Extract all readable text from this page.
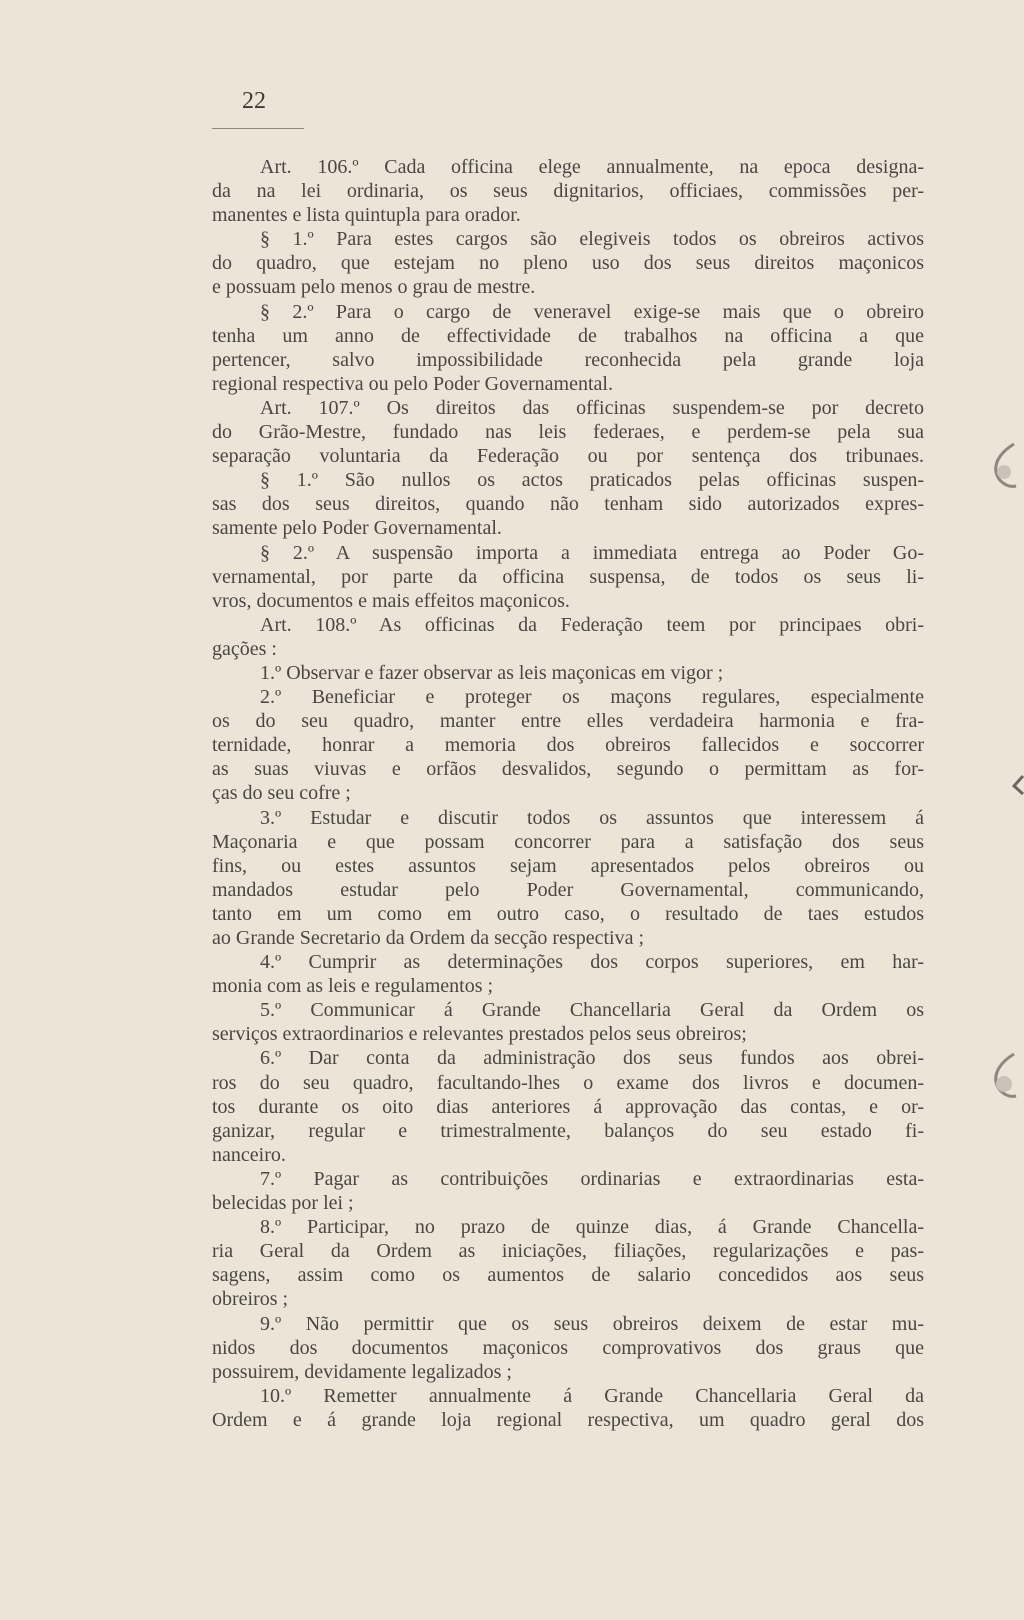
22
Art. 106.º Cada officina elege annualmente, na epoca designa-
da na lei ordinaria, os seus dignitarios, officiaes, commissões per-
manentes e lista quintupla para orador.
§ 1.º Para estes cargos são elegiveis todos os obreiros activos
do quadro, que estejam no pleno uso dos seus direitos maçonicos
e possuam pelo menos o grau de mestre.
§ 2.º Para o cargo de veneravel exige-se mais que o obreiro
tenha um anno de effectividade de trabalhos na officina a que
pertencer, salvo impossibilidade reconhecida pela grande loja
regional respectiva ou pelo Poder Governamental.
Art. 107.º Os direitos das officinas suspendem-se por decreto
do Grão-Mestre, fundado nas leis federaes, e perdem-se pela sua
separação voluntaria da Federação ou por sentença dos tribunaes.
§ 1.º São nullos os actos praticados pelas officinas suspen-
sas dos seus direitos, quando não tenham sido autorizados expres-
samente pelo Poder Governamental.
§ 2.º A suspensão importa a immediata entrega ao Poder Go-
vernamental, por parte da officina suspensa, de todos os seus li-
vros, documentos e mais effeitos maçonicos.
Art. 108.º As officinas da Federação teem por principaes obri-
gações :
1.º Observar e fazer observar as leis maçonicas em vigor ;
2.º Beneficiar e proteger os maçons regulares, especialmente
os do seu quadro, manter entre elles verdadeira harmonia e fra-
ternidade, honrar a memoria dos obreiros fallecidos e soccorrer
as suas viuvas e orfãos desvalidos, segundo o permittam as for-
ças do seu cofre ;
3.º Estudar e discutir todos os assuntos que interessem á
Maçonaria e que possam concorrer para a satisfação dos seus
fins, ou estes assuntos sejam apresentados pelos obreiros ou
mandados estudar pelo Poder Governamental, communicando,
tanto em um como em outro caso, o resultado de taes estudos
ao Grande Secretario da Ordem da secção respectiva ;
4.º Cumprir as determinações dos corpos superiores, em har-
monia com as leis e regulamentos ;
5.º Communicar á Grande Chancellaria Geral da Ordem os
serviços extraordinarios e relevantes prestados pelos seus obreiros;
6.º Dar conta da administração dos seus fundos aos obrei-
ros do seu quadro, facultando-lhes o exame dos livros e documen-
tos durante os oito dias anteriores á approvação das contas, e or-
ganizar, regular e trimestralmente, balanços do seu estado fi-
nanceiro.
7.º Pagar as contribuições ordinarias e extraordinarias esta-
belecidas por lei ;
8.º Participar, no prazo de quinze dias, á Grande Chancella-
ria Geral da Ordem as iniciações, filiações, regularizações e pas-
sagens, assim como os aumentos de salario concedidos aos seus
obreiros ;
9.º Não permittir que os seus obreiros deixem de estar mu-
nidos dos documentos maçonicos comprovativos dos graus que
possuirem, devidamente legalizados ;
10.º Remetter annualmente á Grande Chancellaria Geral da
Ordem e á grande loja regional respectiva, um quadro geral dos
